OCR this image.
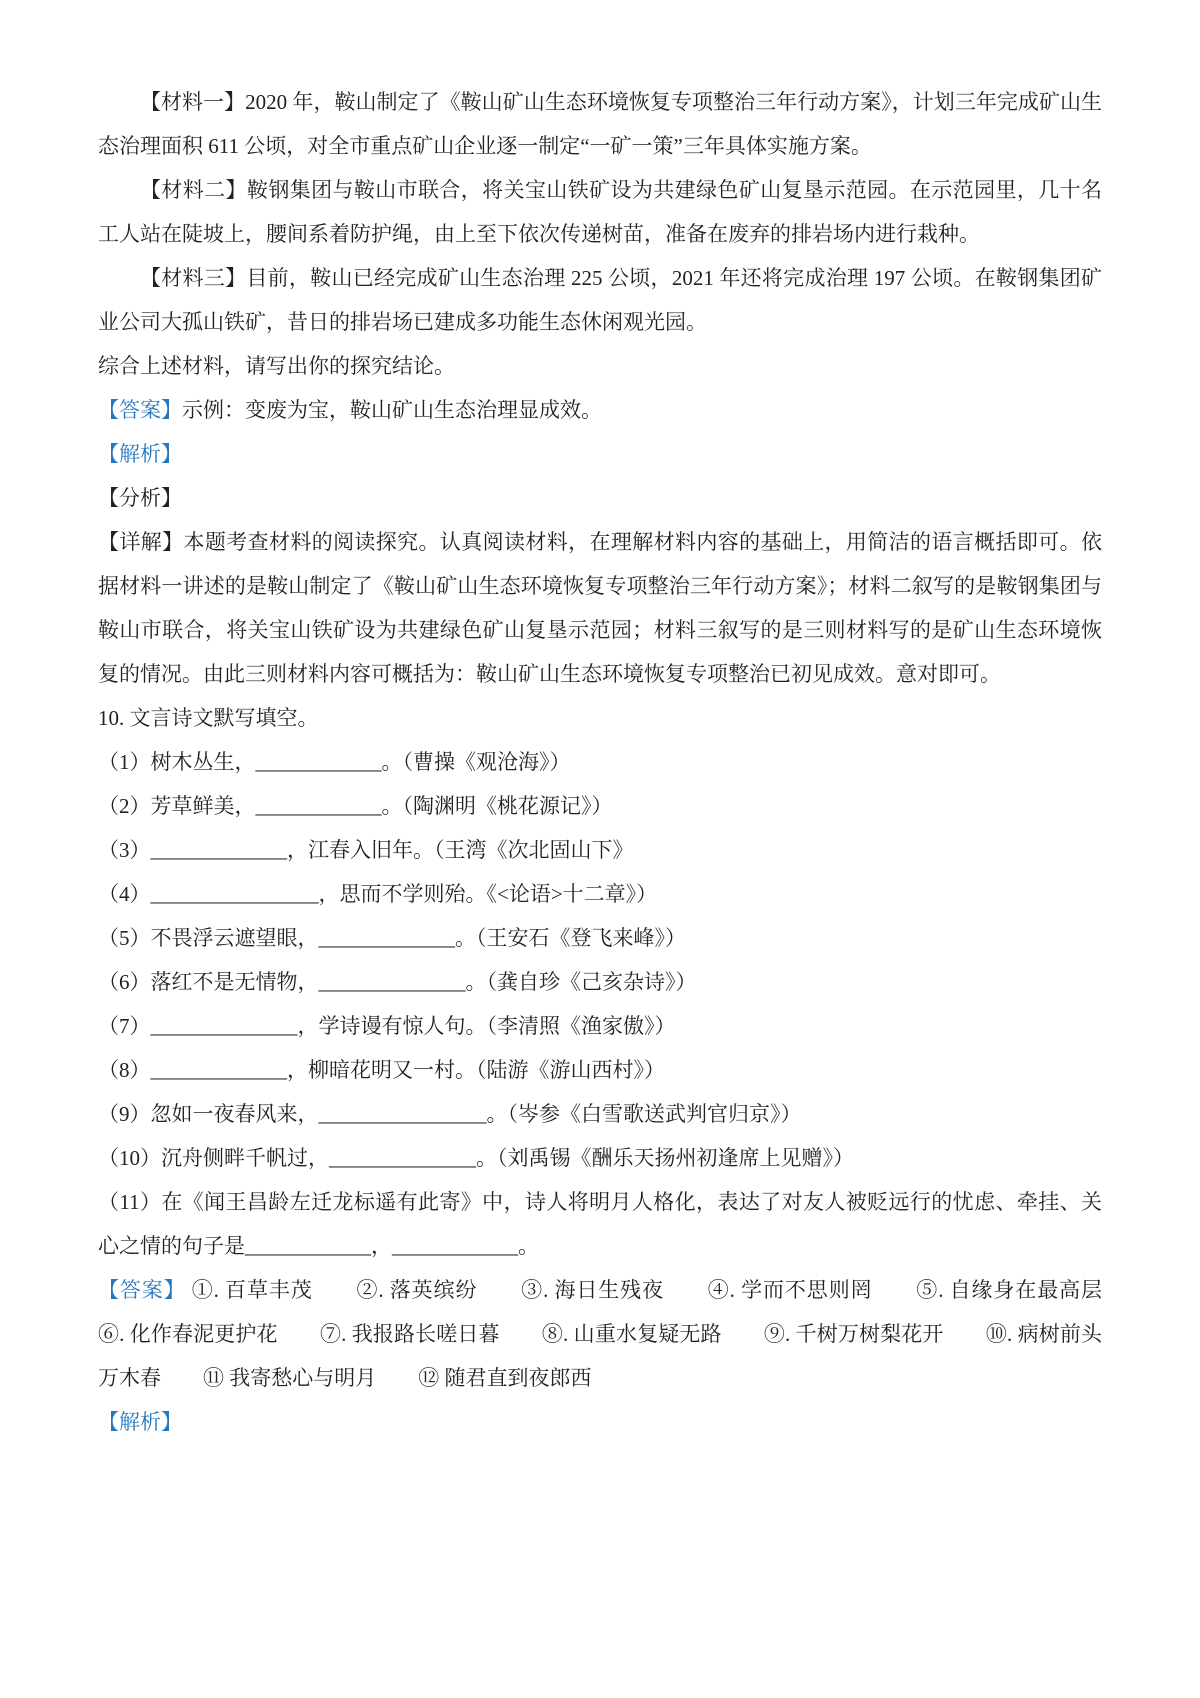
【材料一】2020 年，鞍山制定了《鞍山矿山生态环境恢复专项整治三年行动方案》，计划三年完成矿山生态治理面积 611 公顷，对全市重点矿山企业逐一制定“一矿一策”三年具体实施方案。

【材料二】鞍钢集团与鞍山市联合，将关宝山铁矿设为共建绿色矿山复垦示范园。在示范园里，几十名工人站在陡坡上，腰间系着防护绳，由上至下依次传递树苗，准备在废弃的排岩场内进行栽种。

【材料三】目前，鞍山已经完成矿山生态治理 225 公顷，2021 年还将完成治理 197 公顷。在鞍钢集团矿业公司大孤山铁矿，昔日的排岩场已建成多功能生态休闲观光园。

综合上述材料，请写出你的探究结论。

【答案】示例：变废为宝，鞍山矿山生态治理显成效。

【解析】

【分析】

【详解】本题考查材料的阅读探究。认真阅读材料，在理解材料内容的基础上，用简洁的语言概括即可。依据材料一讲述的是鞍山制定了《鞍山矿山生态环境恢复专项整治三年行动方案》；材料二叙写的是鞍钢集团与鞍山市联合，将关宝山铁矿设为共建绿色矿山复垦示范园；材料三叙写的是三则材料写的是矿山生态环境恢复的情况。由此三则材料内容可概括为：鞍山矿山生态环境恢复专项整治已初见成效。意对即可。

10. 文言诗文默写填空。

（1）树木丛生，____________。（曹操《观沧海》）

（2）芳草鲜美，____________。（陶渊明《桃花源记》）

（3）_____________，江春入旧年。（王湾《次北固山下》

（4）________________，思而不学则殆。《<论语>十二章》）

（5）不畏浮云遮望眼，_____________。（王安石《登飞来峰》）

（6）落红不是无情物，______________。（龚自珍《己亥杂诗》）

（7）______________，学诗谩有惊人句。（李清照《渔家傲》）

（8）_____________，柳暗花明又一村。（陆游《游山西村》）

（9）忽如一夜春风来，________________。（岑参《白雪歌送武判官归京》）

（10）沉舟侧畔千帆过，______________。（刘禹锡《酬乐天扬州初逢席上见赠》）

（11）在《闻王昌龄左迁龙标遥有此寄》中，诗人将明月人格化，表达了对友人被贬远行的忧虑、牵挂、关心之情的句子是____________，____________。

【答案】 ①. 百草丰茂　　②. 落英缤纷　　③. 海日生残夜　　④. 学而不思则罔　　⑤. 自缘身在最高层　　⑥. 化作春泥更护花　　⑦. 我报路长嗟日暮　　⑧. 山重水复疑无路　　⑨. 千树万树梨花开　　⑩. 病树前头万木春　　⑪ 我寄愁心与明月　　⑫ 随君直到夜郎西

【解析】
